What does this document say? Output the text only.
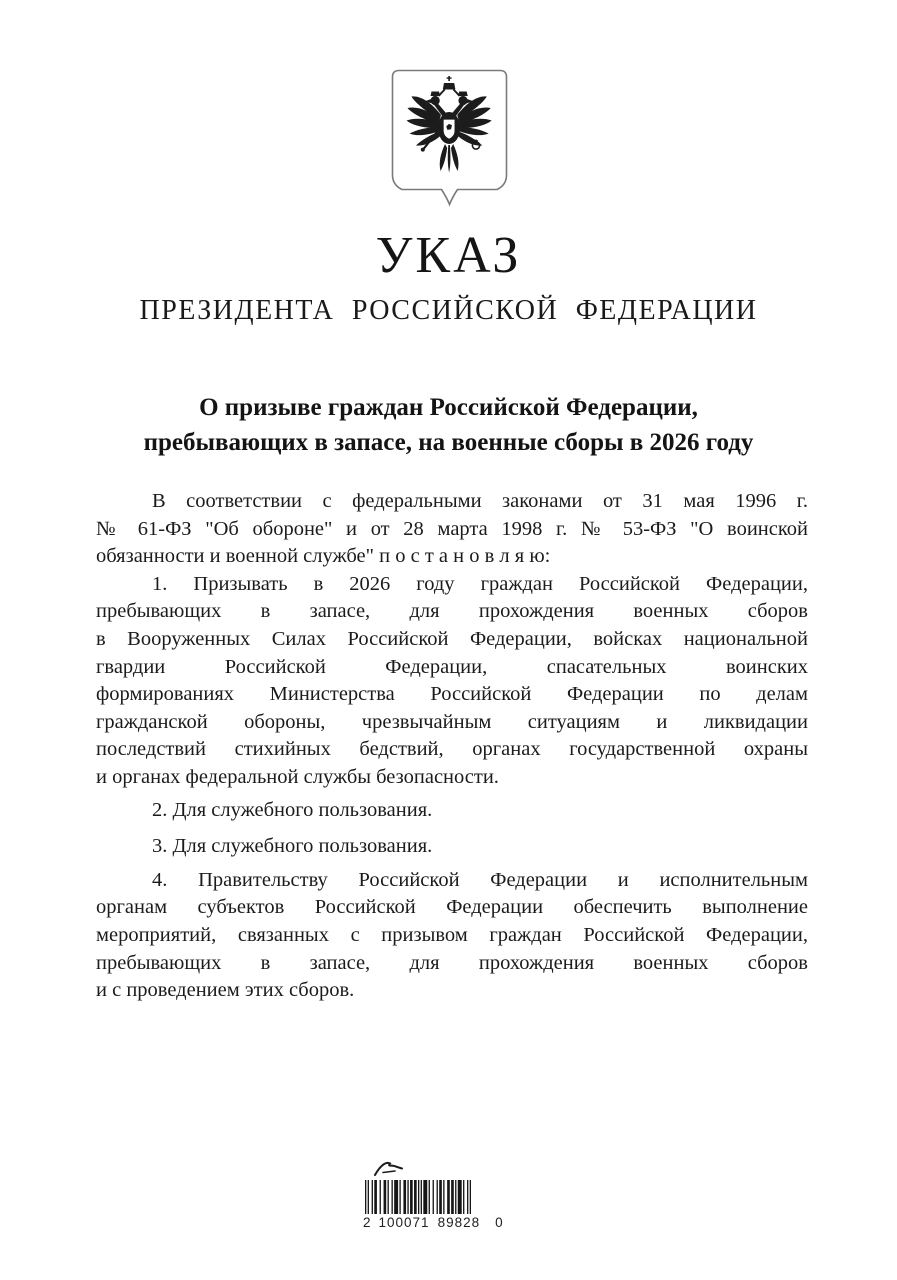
УКАЗ
ПРЕЗИДЕНТА РОССИЙСКОЙ ФЕДЕРАЦИИ
О призыве граждан Российской Федерации,
пребывающих в запасе, на военные сборы в 2026 году
В соответствии с федеральными законами от 31 мая 1996 г.
№ 61-ФЗ "Об обороне" и от 28 марта 1998 г. № 53-ФЗ "О воинской
обязанности и военной службе" п о с т а н о в л я ю:
1. Призывать в 2026 году граждан Российской Федерации,
пребывающих в запасе, для прохождения военных сборов
в Вооруженных Силах Российской Федерации, войсках национальной
гвардии Российской Федерации, спасательных воинских
формированиях Министерства Российской Федерации по делам
гражданской обороны, чрезвычайным ситуациям и ликвидации
последствий стихийных бедствий, органах государственной охраны
и органах федеральной службы безопасности.
2. Для служебного пользования.
3. Для служебного пользования.
4. Правительству Российской Федерации и исполнительным
органам субъектов Российской Федерации обеспечить выполнение
мероприятий, связанных с призывом граждан Российской Федерации,
пребывающих в запасе, для прохождения военных сборов
и с проведением этих сборов.
2 100071 89828 0
